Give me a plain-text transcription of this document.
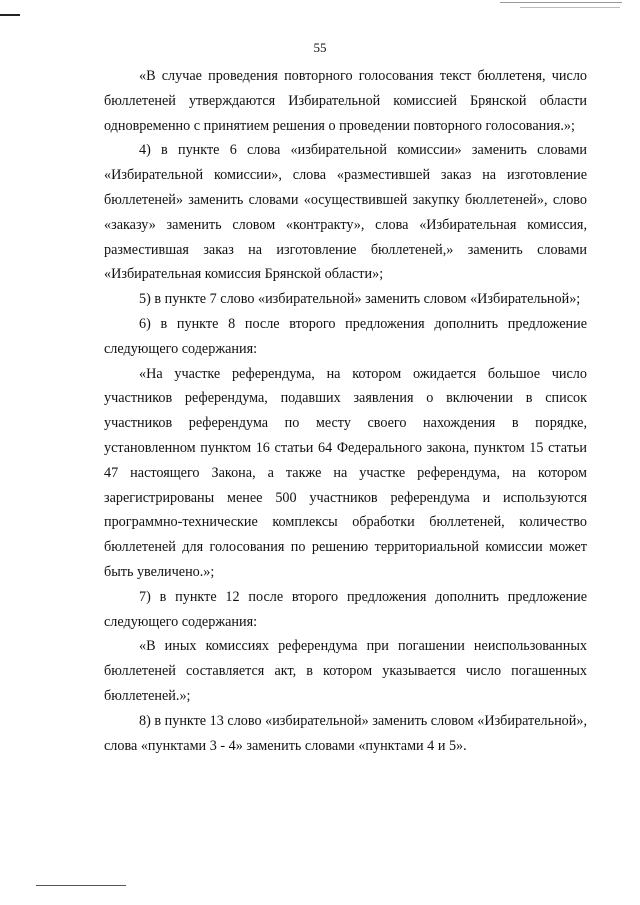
55

«В случае проведения повторного голосования текст бюллетеня, число бюллетеней утверждаются Избирательной комиссией Брянской области одновременно с принятием решения о проведении повторного голосования.»;

4) в пункте 6 слова «избирательной комиссии» заменить словами «Избирательной комиссии», слова «разместившей заказ на изготовление бюллетеней» заменить словами «осуществившей закупку бюллетеней», слово «заказу» заменить словом «контракту», слова «Избирательная комиссия, разместившая заказ на изготовление бюллетеней,» заменить словами «Избирательная комиссия Брянской области»;

5) в пункте 7 слово «избирательной» заменить словом «Избирательной»;

6) в пункте 8 после второго предложения дополнить предложение следующего содержания:

«На участке референдума, на котором ожидается большое число участников референдума, подавших заявления о включении в список участников референдума по месту своего нахождения в порядке, установленном пунктом 16 статьи 64 Федерального закона, пунктом 15 статьи 47 настоящего Закона, а также на участке референдума, на котором зарегистрированы менее 500 участников референдума и используются программно-технические комплексы обработки бюллетеней, количество бюллетеней для голосования по решению территориальной комиссии может быть увеличено.»;

7) в пункте 12 после второго предложения дополнить предложение следующего содержания:

«В иных комиссиях референдума при погашении неиспользованных бюллетеней составляется акт, в котором указывается число погашенных бюллетеней.»;

8) в пункте 13 слово «избирательной» заменить словом «Избирательной», слова «пунктами 3 - 4» заменить словами «пунктами 4 и 5».
